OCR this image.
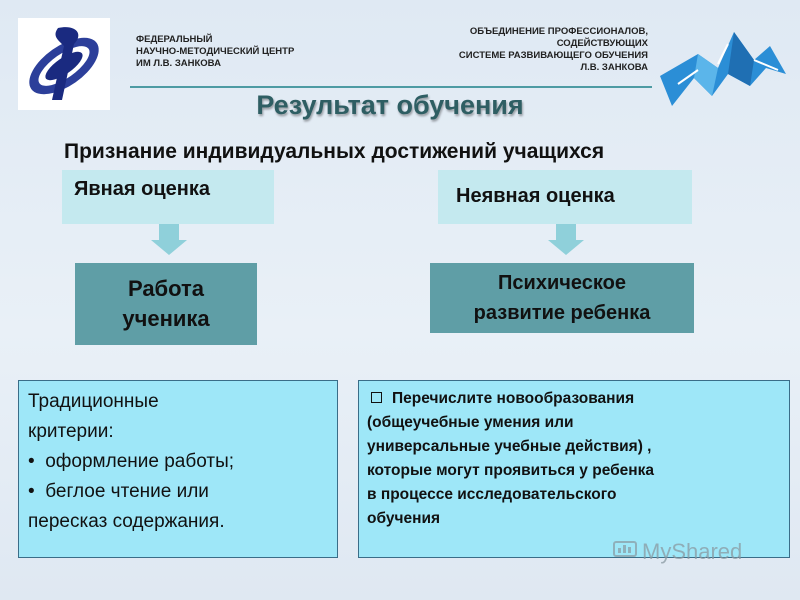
ФЕДЕРАЛЬНЫЙ
НАУЧНО-МЕТОДИЧЕСКИЙ ЦЕНТР
ИМ Л.В. ЗАНКОВА
ОБЪЕДИНЕНИЕ ПРОФЕССИОНАЛОВ,
СОДЕЙСТВУЮЩИХ
СИСТЕМЕ РАЗВИВАЮЩЕГО ОБУЧЕНИЯ
Л.В. ЗАНКОВА
Результат обучения
Признание индивидуальных достижений учащихся
Явная оценка
Работа
ученика
Неявная оценка
Психическое
развитие ребенка
Традиционные
критерии:
•  оформление работы;
•  беглое чтение или
пересказ содержания.
Перечислите новообразования
(общеучебные умения или
универсальные учебные действия) ,
которые могут проявиться у ребенка
в процессе исследовательского
обучения
MyShared
